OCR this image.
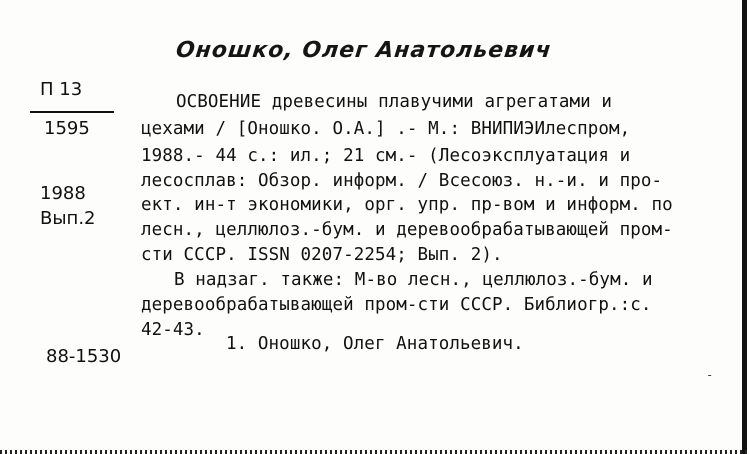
Оношко, Олег Анатольевич
П 13
1595
1988
Вып.2
ОСВОЕНИЕ древесины плавучими агрегатами и
цехами / [Оношко. О.А.] .- М.: ВНИПИЭИлеспром,
1988.- 44 с.: ил.; 21 см.- (Лесоэксплуатация и
лесосплав: Обзор. информ. / Всесоюз. н.-и. и про-
ект. ин-т экономики, орг. упр. пр-вом и информ. по
лесн., целлюлоз.-бум. и деревообрабатывающей пром-
сти СССР. ISSN 0207-2254; Вып. 2).
В надзаг. также: М-во лесн., целлюлоз.-бум. и
деревообрабатывающей пром-сти СССР. Библиогр.:с.
42-43.
1. Оношко, Олег Анатольевич.
88-1530
-
